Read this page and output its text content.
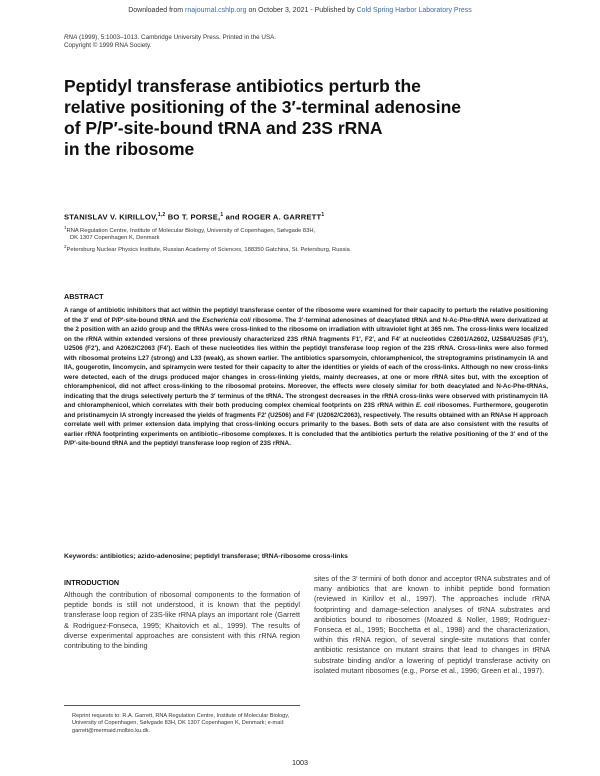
Downloaded from rnajournal.cshlp.org on October 3, 2021 - Published by Cold Spring Harbor Laboratory Press
RNA (1999), 5:1003–1013. Cambridge University Press. Printed in the USA.
Copyright © 1999 RNA Society.
Peptidyl transferase antibiotics perturb the
relative positioning of the 3′-terminal adenosine
of P/P′-site-bound tRNA and 23S rRNA
in the ribosome
STANISLAV V. KIRILLOV,$^{1,2}$ BO T. PORSE,$^1$ and ROGER A. GARRETT$^1$
$^1$RNA Regulation Centre, Institute of Molecular Biology, University of Copenhagen, Sølvgade 83H,
DK 1307 Copenhagen K, Denmark
$^2$Petersburg Nuclear Physics Institute, Russian Academy of Sciences, 188350 Gatchina, St. Petersburg, Russia
ABSTRACT
A range of antibiotic inhibitors that act within the peptidyl transferase center of the ribosome were examined for their capacity to perturb the relative positioning of the 3′ end of P/P′-site-bound tRNA and the Escherichia coli ribosome. The 3′-terminal adenosines of deacylated tRNA and N-Ac-Phe-tRNA were derivatized at the 2 position with an azido group and the tRNAs were cross-linked to the ribosome on irradiation with ultraviolet light at 365 nm. The cross-links were localized on the rRNA within extended versions of three previously characterized 23S rRNA fragments F1′, F2′, and F4′ at nucleotides C2601/A2602, U2584/U2585 (F1′), U2506 (F2′), and A2062/C2063 (F4′). Each of these nucleotides lies within the peptidyl transferase loop region of the 23S rRNA. Cross-links were also formed with ribosomal proteins L27 (strong) and L33 (weak), as shown earlier. The antibiotics sparsomycin, chloramphenicol, the streptogramins pristinamycin IA and IIA, gougerotin, lincomycin, and spiramycin were tested for their capacity to alter the identities or yields of each of the cross-links. Although no new cross-links were detected, each of the drugs produced major changes in cross-linking yields, mainly decreases, at one or more rRNA sites but, with the exception of chloramphenicol, did not affect cross-linking to the ribosomal proteins. Moreover, the effects were closely similar for both deacylated and N-Ac-Phe-tRNAs, indicating that the drugs selectively perturb the 3′ terminus of the tRNA. The strongest decreases in the rRNA cross-links were observed with pristinamycin IIA and chloramphenicol, which correlates with their both producing complex chemical footprints on 23S rRNA within E. coli ribosomes. Furthermore, gougerotin and pristinamycin IA strongly increased the yields of fragments F2′ (U2506) and F4′ (U2062/C2063), respectively. The results obtained with an RNAse H approach correlate well with primer extension data implying that cross-linking occurs primarily to the bases. Both sets of data are also consistent with the results of earlier rRNA footprinting experiments on antibiotic–ribosome complexes. It is concluded that the antibiotics perturb the relative positioning of the 3′ end of the P/P′-site-bound tRNA and the peptidyl transferase loop region of 23S rRNA.
Keywords: antibiotics; azido-adenosine; peptidyl transferase; tRNA-ribosome cross-links
INTRODUCTION
Although the contribution of ribosomal components to the formation of peptide bonds is still not understood, it is known that the peptidyl transferase loop region of 23S-like rRNA plays an important role (Garrett & Rodriguez-Fonseca, 1995; Khaitovich et al., 1999). The results of diverse experimental approaches are consistent with this rRNA region contributing to the binding
sites of the 3′ termini of both donor and acceptor tRNA substrates and of many antibiotics that are known to inhibit peptide bond formation (reviewed in Kirillov et al., 1997). The approaches include rRNA footprinting and damage-selection analyses of tRNA substrates and antibiotics bound to ribosomes (Moazed & Noller, 1989; Rodriguez-Fonseca et al., 1995; Bocchetta et al., 1998) and the characterization, within this rRNA region, of several single-site mutations that confer antibiotic resistance on mutant strains that lead to changes in tRNA substrate binding and/or a lowering of peptidyl transferase activity on isolated mutant ribosomes (e.g., Porse et al., 1996; Green et al., 1997).
Reprint requests to: R.A. Garrett, RNA Regulation Centre, Institute of Molecular Biology, University of Copenhagen, Sølvgade 83H, DK 1307 Copenhagen K, Denmark; e-mail: garrett@mermaid.molbio.ku.dk.
1003
